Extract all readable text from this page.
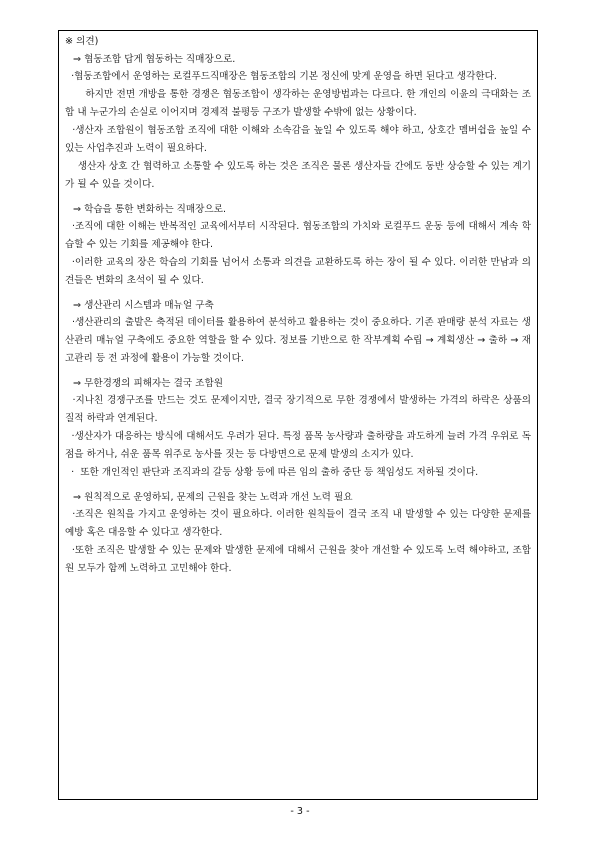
※ 의견)
⇒ 협동조합 답게 협동하는 직매장으로.

·협동조합에서 운영하는 로컬푸드직매장은 협동조합의 기본 정신에 맞게 운영을 하면 된다고 생각한다.

하지만 전면 개방을 통한 경쟁은 협동조합이 생각하는 운영방법과는 다르다. 한 개인의 이윤의 극대화는 조합 내 누군가의 손실로 이어지며 경제적 불평등 구조가 발생할 수밖에 없는 상황이다.

·생산자 조합원이 협동조합 조직에 대한 이해와 소속감을 높일 수 있도록 해야 하고, 상호간 멤버쉽을 높일 수 있는 사업추진과 노력이 필요하다.

생산자 상호 간 협력하고 소통할 수 있도록 하는 것은 조직은 물론 생산자들 간에도 동반 상승할 수 있는 계기가 될 수 있을 것이다.

⇒ 학습을 통한 변화하는 직매장으로.

·조직에 대한 이해는 반복적인 교육에서부터 시작된다. 협동조합의 가치와 로컬푸드 운동 등에 대해서 계속 학습할 수 있는 기회를 제공해야 한다.

·이러한 교육의 장은 학습의 기회를 넘어서 소통과 의견을 교환하도록 하는 장이 될 수 있다. 이러한 만남과 의견들은 변화의 초석이 될 수 있다.

⇒ 생산관리 시스템과 매뉴얼 구축

·생산관리의 출발은 축적된 데이터를 활용하여 분석하고 활용하는 것이 중요하다. 기존 판매량 분석 자료는 생산관리 매뉴얼 구축에도 중요한 역할을 할 수 있다. 정보를 기반으로 한 작부계획 수립 → 계획생산 → 출하 → 재고관리 등 전 과정에 활용이 가능할 것이다.

⇒ 무한경쟁의 피해자는 결국 조합원

·지나친 경쟁구조를 만드는 것도 문제이지만, 결국 장기적으로 무한 경쟁에서 발생하는 가격의 하락은 상품의 질적 하락과 연계된다.

·생산자가 대응하는 방식에 대해서도 우려가 된다. 특정 품목 농사량과 출하량을 과도하게 늘려 가격 우위로 독점을 하거나, 쉬운 품목 위주로 농사를 짓는 등 다방면으로 문제 발생의 소지가 있다.

·  또한 개인적인 판단과 조직과의 갈등 상황 등에 따른 임의 출하 중단 등 책임성도 저하될 것이다.

⇒ 원칙적으로 운영하되, 문제의 근원을 찾는 노력과 개선 노력 필요

·조직은 원칙을 가지고 운영하는 것이 필요하다. 이러한 원칙들이 결국 조직 내 발생할 수 있는 다양한 문제를 예방 혹은 대응할 수 있다고 생각한다.

·또한 조직은 발생할 수 있는 문제와 발생한 문제에 대해서 근원을 찾아 개선할 수 있도록 노력 해야하고, 조합원 모두가 함께 노력하고 고민해야 한다.

- 3 -
